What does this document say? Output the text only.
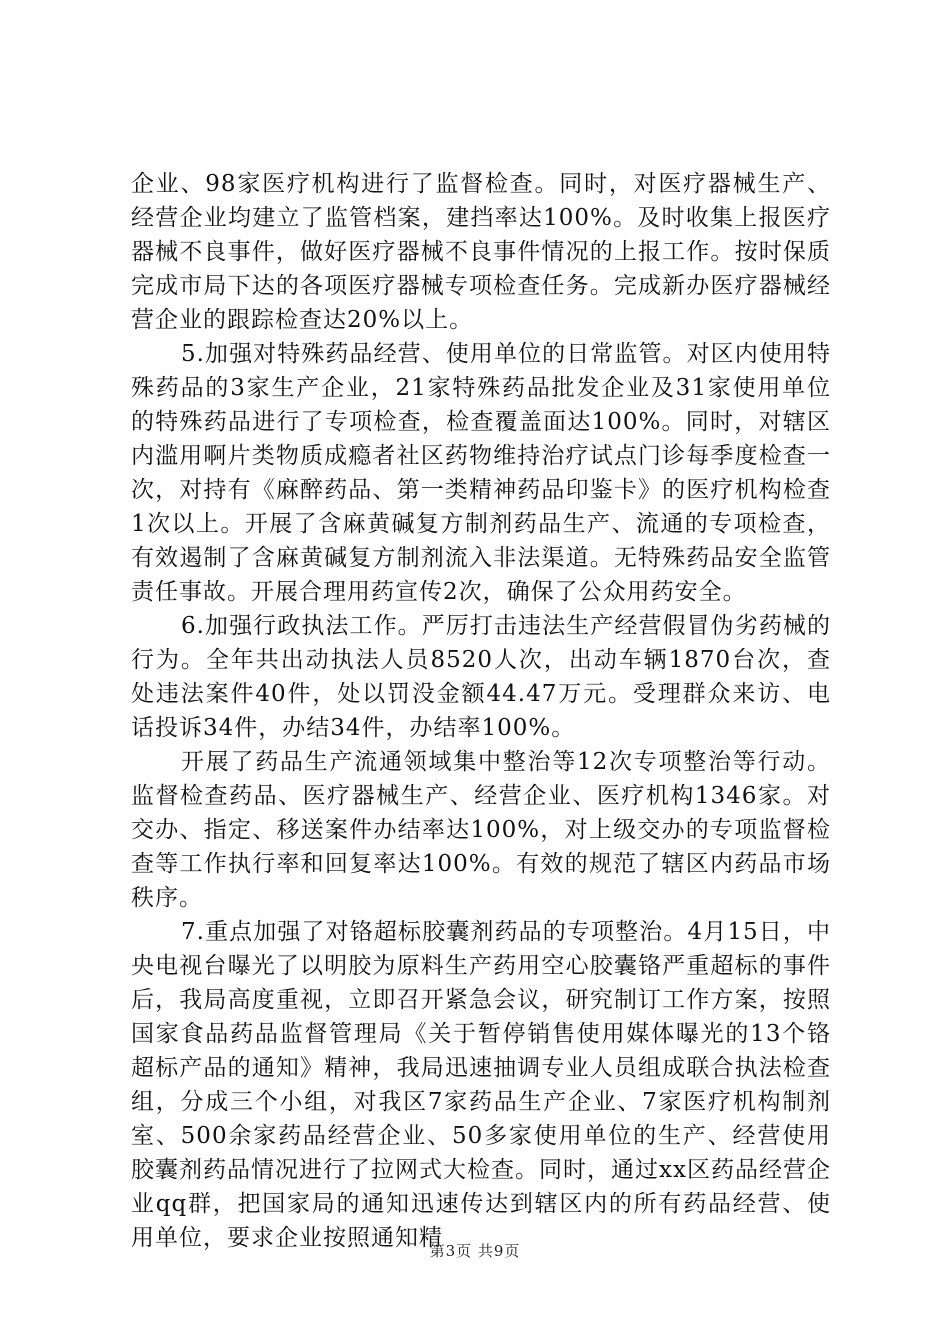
企业、98家医疗机构进行了监督检查。同时，对医疗器械生产、经营企业均建立了监管档案，建挡率达100%。及时收集上报医疗器械不良事件，做好医疗器械不良事件情况的上报工作。按时保质完成市局下达的各项医疗器械专项检查任务。完成新办医疗器械经营企业的跟踪检查达20%以上。

5.加强对特殊药品经营、使用单位的日常监管。对区内使用特殊药品的3家生产企业，21家特殊药品批发企业及31家使用单位的特殊药品进行了专项检查，检查覆盖面达100%。同时，对辖区内滥用啊片类物质成瘾者社区药物维持治疗试点门诊每季度检查一次，对持有《麻醉药品、第一类精神药品印鉴卡》的医疗机构检查1次以上。开展了含麻黄碱复方制剂药品生产、流通的专项检查，有效遏制了含麻黄碱复方制剂流入非法渠道。无特殊药品安全监管责任事故。开展合理用药宣传2次，确保了公众用药安全。

6.加强行政执法工作。严厉打击违法生产经营假冒伪劣药械的行为。全年共出动执法人员8520人次，出动车辆1870台次，查处违法案件40件，处以罚没金额44.47万元。受理群众来访、电话投诉34件，办结34件，办结率100%。

开展了药品生产流通领域集中整治等12次专项整治等行动。监督检查药品、医疗器械生产、经营企业、医疗机构1346家。对交办、指定、移送案件办结率达100%，对上级交办的专项监督检查等工作执行率和回复率达100%。有效的规范了辖区内药品市场秩序。

7.重点加强了对铬超标胶囊剂药品的专项整治。4月15日，中央电视台曝光了以明胶为原料生产药用空心胶囊铬严重超标的事件后，我局高度重视，立即召开紧急会议，研究制订工作方案，按照国家食品药品监督管理局《关于暂停销售使用媒体曝光的13个铬超标产品的通知》精神，我局迅速抽调专业人员组成联合执法检查组，分成三个小组，对我区7家药品生产企业、7家医疗机构制剂室、500余家药品经营企业、50多家使用单位的生产、经营使用胶囊剂药品情况进行了拉网式大检查。同时，通过xx区药品经营企业qq群，把国家局的通知迅速传达到辖区内的所有药品经营、使用单位，要求企业按照通知精

第3页 共9页
